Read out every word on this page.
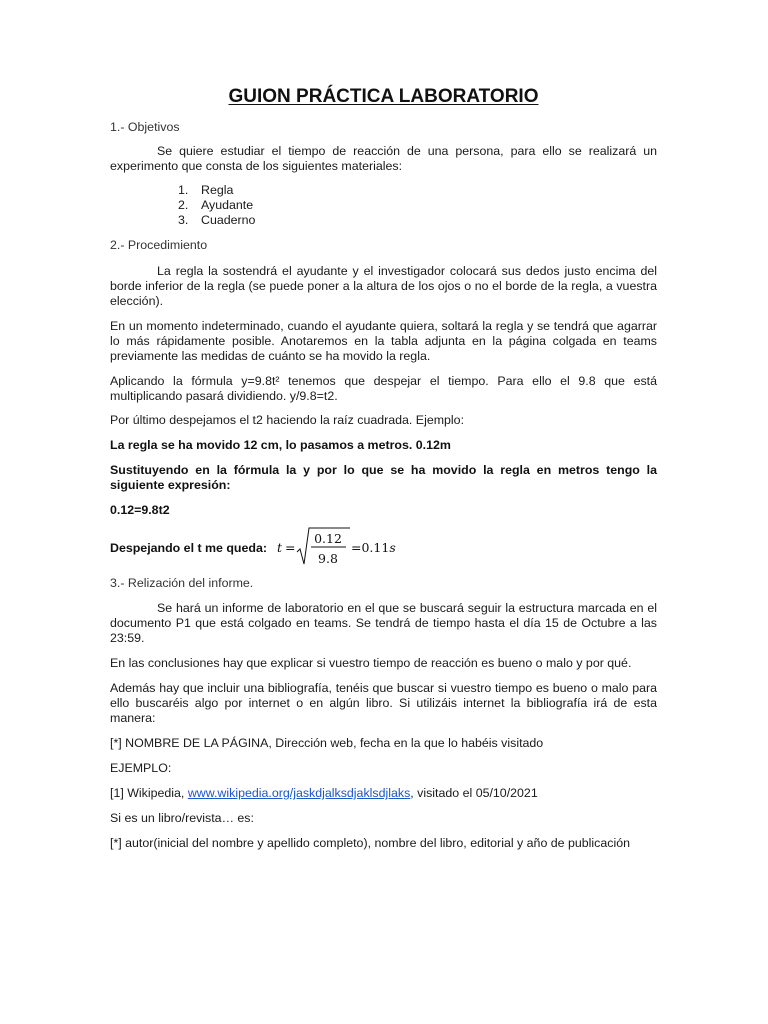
GUION PRÁCTICA LABORATORIO

1.- Objetivos

Se quiere estudiar el tiempo de reacción de una persona, para ello se realizará un experimento que consta de los siguientes materiales:

1.	Regla
2.	Ayudante
3.	Cuaderno

2.- Procedimiento

La regla la sostendrá el ayudante y el investigador colocará sus dedos justo encima del borde inferior de la regla (se puede poner a la altura de los ojos o no el borde de la regla, a vuestra elección).

En un momento indeterminado, cuando el ayudante quiera, soltará la regla y se tendrá que agarrar lo más rápidamente posible. Anotaremos en la tabla adjunta en la página colgada en teams previamente las medidas de cuánto se ha movido la regla.

Aplicando la fórmula y=9.8t² tenemos que despejar el tiempo. Para ello el 9.8 que está multiplicando pasará dividiendo. y/9.8=t2.

Por último despejamos el t2 haciendo la raíz cuadrada. Ejemplo:

La regla se ha movido 12 cm, lo pasamos a metros. 0.12m

Sustituyendo en la fórmula la y por lo que se ha movido la regla en metros tengo la siguiente expresión:

0.12=9.8t2

Despejando el t me queda: t =
0.12
9.8
=0.11s

3.- Relización del informe.

Se hará un informe de laboratorio en el que se buscará seguir la estructura marcada en el documento P1 que está colgado en teams. Se tendrá de tiempo hasta el día 15 de Octubre a las 23:59.

En las conclusiones hay que explicar si vuestro tiempo de reacción es bueno o malo y por qué.

Además hay que incluir una bibliografía, tenéis que buscar si vuestro tiempo es bueno o malo para ello buscaréis algo por internet o en algún libro. Si utilizáis internet la bibliografía irá de esta manera:

[*] NOMBRE DE LA PÁGINA, Dirección web, fecha en la que lo habéis visitado

EJEMPLO:

[1] Wikipedia, www.wikipedia.org/jaskdjalksdjaklsdjlaks, visitado el 05/10/2021

Si es un libro/revista… es:

[*] autor(inicial del nombre y apellido completo), nombre del libro, editorial y año de publicación
